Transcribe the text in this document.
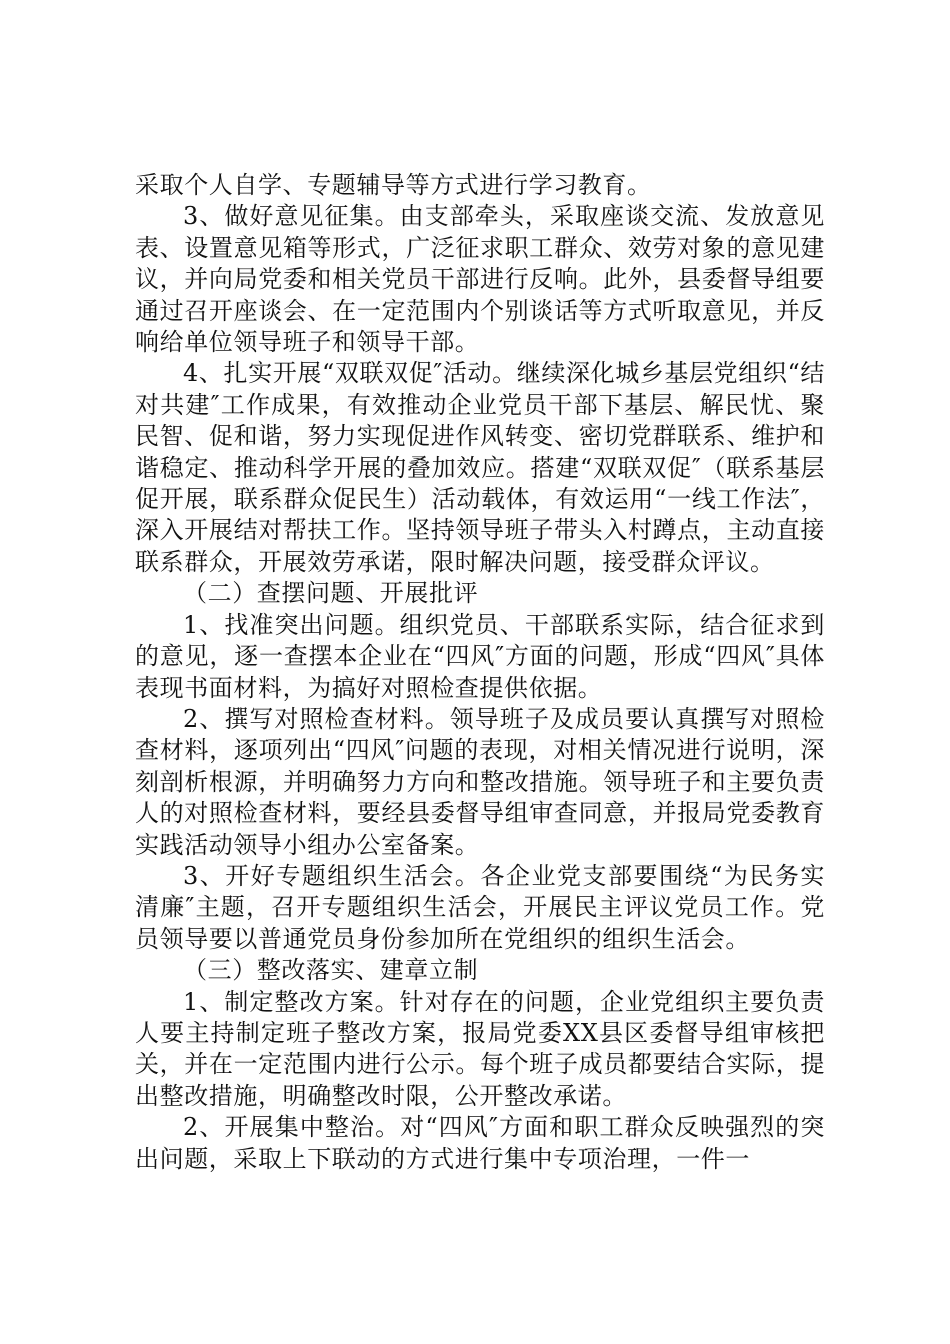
采取个人自学、专题辅导等方式进行学习教育。

3、做好意见征集。由支部牵头，采取座谈交流、发放意见表、设置意见箱等形式，广泛征求职工群众、效劳对象的意见建议，并向局党委和相关党员干部进行反响。此外，县委督导组要通过召开座谈会、在一定范围内个别谈话等方式听取意见，并反响给单位领导班子和领导干部。

4、扎实开展“双联双促″活动。继续深化城乡基层党组织“结对共建″工作成果，有效推动企业党员干部下基层、解民忧、聚民智、促和谐，努力实现促进作风转变、密切党群联系、维护和谐稳定、推动科学开展的叠加效应。搭建“双联双促″（联系基层促开展，联系群众促民生）活动载体，有效运用“一线工作法″，深入开展结对帮扶工作。坚持领导班子带头入村蹲点，主动直接联系群众，开展效劳承诺，限时解决问题，接受群众评议。

（二）查摆问题、开展批评

1、找准突出问题。组织党员、干部联系实际，结合征求到的意见，逐一查摆本企业在“四风″方面的问题，形成“四风″具体表现书面材料，为搞好对照检查提供依据。

2、撰写对照检查材料。领导班子及成员要认真撰写对照检查材料，逐项列出“四风″问题的表现，对相关情况进行说明，深刻剖析根源，并明确努力方向和整改措施。领导班子和主要负责人的对照检查材料，要经县委督导组审查同意，并报局党委教育实践活动领导小组办公室备案。

3、开好专题组织生活会。各企业党支部要围绕“为民务实清廉″主题，召开专题组织生活会，开展民主评议党员工作。党员领导要以普通党员身份参加所在党组织的组织生活会。

（三）整改落实、建章立制

1、制定整改方案。针对存在的问题，企业党组织主要负责人要主持制定班子整改方案，报局党委XX县区委督导组审核把关，并在一定范围内进行公示。每个班子成员都要结合实际，提出整改措施，明确整改时限，公开整改承诺。

2、开展集中整治。对“四风″方面和职工群众反映强烈的突出问题，采取上下联动的方式进行集中专项治理，一件一
